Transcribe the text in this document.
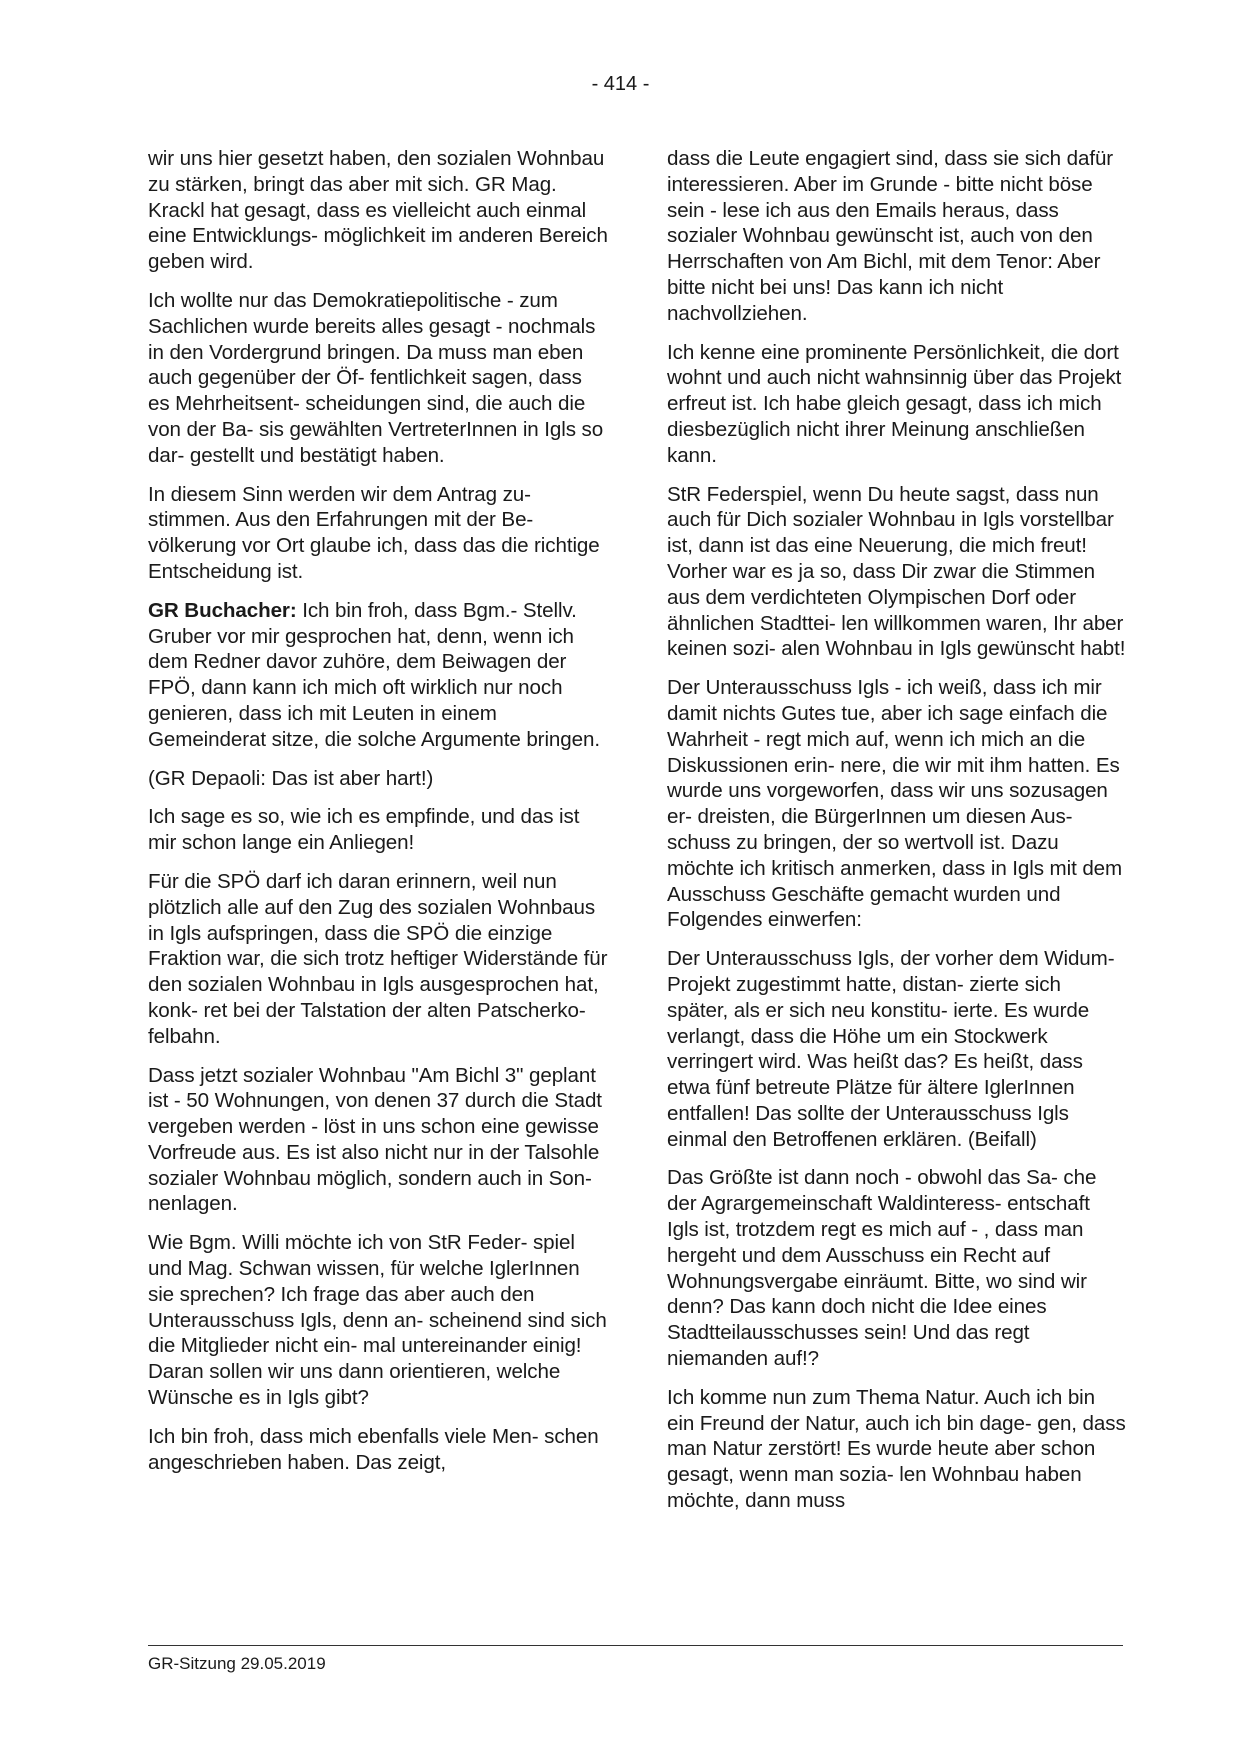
- 414 -

wir uns hier gesetzt haben, den sozialen Wohnbau zu stärken, bringt das aber mit sich. GR Mag. Krackl hat gesagt, dass es vielleicht auch einmal eine Entwicklungs- möglichkeit im anderen Bereich geben wird.

Ich wollte nur das Demokratiepolitische - zum Sachlichen wurde bereits alles gesagt - nochmals in den Vordergrund bringen. Da muss man eben auch gegenüber der Öf- fentlichkeit sagen, dass es Mehrheitsent- scheidungen sind, die auch die von der Ba- sis gewählten VertreterInnen in Igls so dar- gestellt und bestätigt haben.

In diesem Sinn werden wir dem Antrag zu- stimmen. Aus den Erfahrungen mit der Be- völkerung vor Ort glaube ich, dass das die richtige Entscheidung ist.

GR Buchacher: Ich bin froh, dass Bgm.- Stellv. Gruber vor mir gesprochen hat, denn, wenn ich dem Redner davor zuhöre, dem Beiwagen der FPÖ, dann kann ich mich oft wirklich nur noch genieren, dass ich mit Leuten in einem Gemeinderat sitze, die solche Argumente bringen.

(GR Depaoli: Das ist aber hart!)

Ich sage es so, wie ich es empfinde, und das ist mir schon lange ein Anliegen!

Für die SPÖ darf ich daran erinnern, weil nun plötzlich alle auf den Zug des sozialen Wohnbaus in Igls aufspringen, dass die SPÖ die einzige Fraktion war, die sich trotz heftiger Widerstände für den sozialen Wohnbau in Igls ausgesprochen hat, konk- ret bei der Talstation der alten Patscherko- felbahn.

Dass jetzt sozialer Wohnbau "Am Bichl 3" geplant ist - 50 Wohnungen, von denen 37 durch die Stadt vergeben werden - löst in uns schon eine gewisse Vorfreude aus. Es ist also nicht nur in der Talsohle sozialer Wohnbau möglich, sondern auch in Son- nenlagen.

Wie Bgm. Willi möchte ich von StR Feder- spiel und Mag. Schwan wissen, für welche IglerInnen sie sprechen? Ich frage das aber auch den Unterausschuss Igls, denn an- scheinend sind sich die Mitglieder nicht ein- mal untereinander einig! Daran sollen wir uns dann orientieren, welche Wünsche es in Igls gibt?

Ich bin froh, dass mich ebenfalls viele Men- schen angeschrieben haben. Das zeigt,

dass die Leute engagiert sind, dass sie sich dafür interessieren. Aber im Grunde - bitte nicht böse sein - lese ich aus den Emails heraus, dass sozialer Wohnbau gewünscht ist, auch von den Herrschaften von Am Bichl, mit dem Tenor: Aber bitte nicht bei uns! Das kann ich nicht nachvollziehen.

Ich kenne eine prominente Persönlichkeit, die dort wohnt und auch nicht wahnsinnig über das Projekt erfreut ist. Ich habe gleich gesagt, dass ich mich diesbezüglich nicht ihrer Meinung anschließen kann.

StR Federspiel, wenn Du heute sagst, dass nun auch für Dich sozialer Wohnbau in Igls vorstellbar ist, dann ist das eine Neuerung, die mich freut! Vorher war es ja so, dass Dir zwar die Stimmen aus dem verdichteten Olympischen Dorf oder ähnlichen Stadttei- len willkommen waren, Ihr aber keinen sozi- alen Wohnbau in Igls gewünscht habt!

Der Unterausschuss Igls - ich weiß, dass ich mir damit nichts Gutes tue, aber ich sage einfach die Wahrheit - regt mich auf, wenn ich mich an die Diskussionen erin- nere, die wir mit ihm hatten. Es wurde uns vorgeworfen, dass wir uns sozusagen er- dreisten, die BürgerInnen um diesen Aus- schuss zu bringen, der so wertvoll ist. Dazu möchte ich kritisch anmerken, dass in Igls mit dem Ausschuss Geschäfte gemacht wurden und Folgendes einwerfen:

Der Unterausschuss Igls, der vorher dem Widum-Projekt zugestimmt hatte, distan- zierte sich später, als er sich neu konstitu- ierte. Es wurde verlangt, dass die Höhe um ein Stockwerk verringert wird. Was heißt das? Es heißt, dass etwa fünf betreute Plätze für ältere IglerInnen entfallen! Das sollte der Unterausschuss Igls einmal den Betroffenen erklären. (Beifall)

Das Größte ist dann noch - obwohl das Sa- che der Agrargemeinschaft Waldinteress- entschaft Igls ist, trotzdem regt es mich auf - , dass man hergeht und dem Ausschuss ein Recht auf Wohnungsvergabe einräumt. Bitte, wo sind wir denn? Das kann doch nicht die Idee eines Stadtteilausschusses sein! Und das regt niemanden auf!?

Ich komme nun zum Thema Natur. Auch ich bin ein Freund der Natur, auch ich bin dage- gen, dass man Natur zerstört! Es wurde heute aber schon gesagt, wenn man sozia- len Wohnbau haben möchte, dann muss

GR-Sitzung 29.05.2019
